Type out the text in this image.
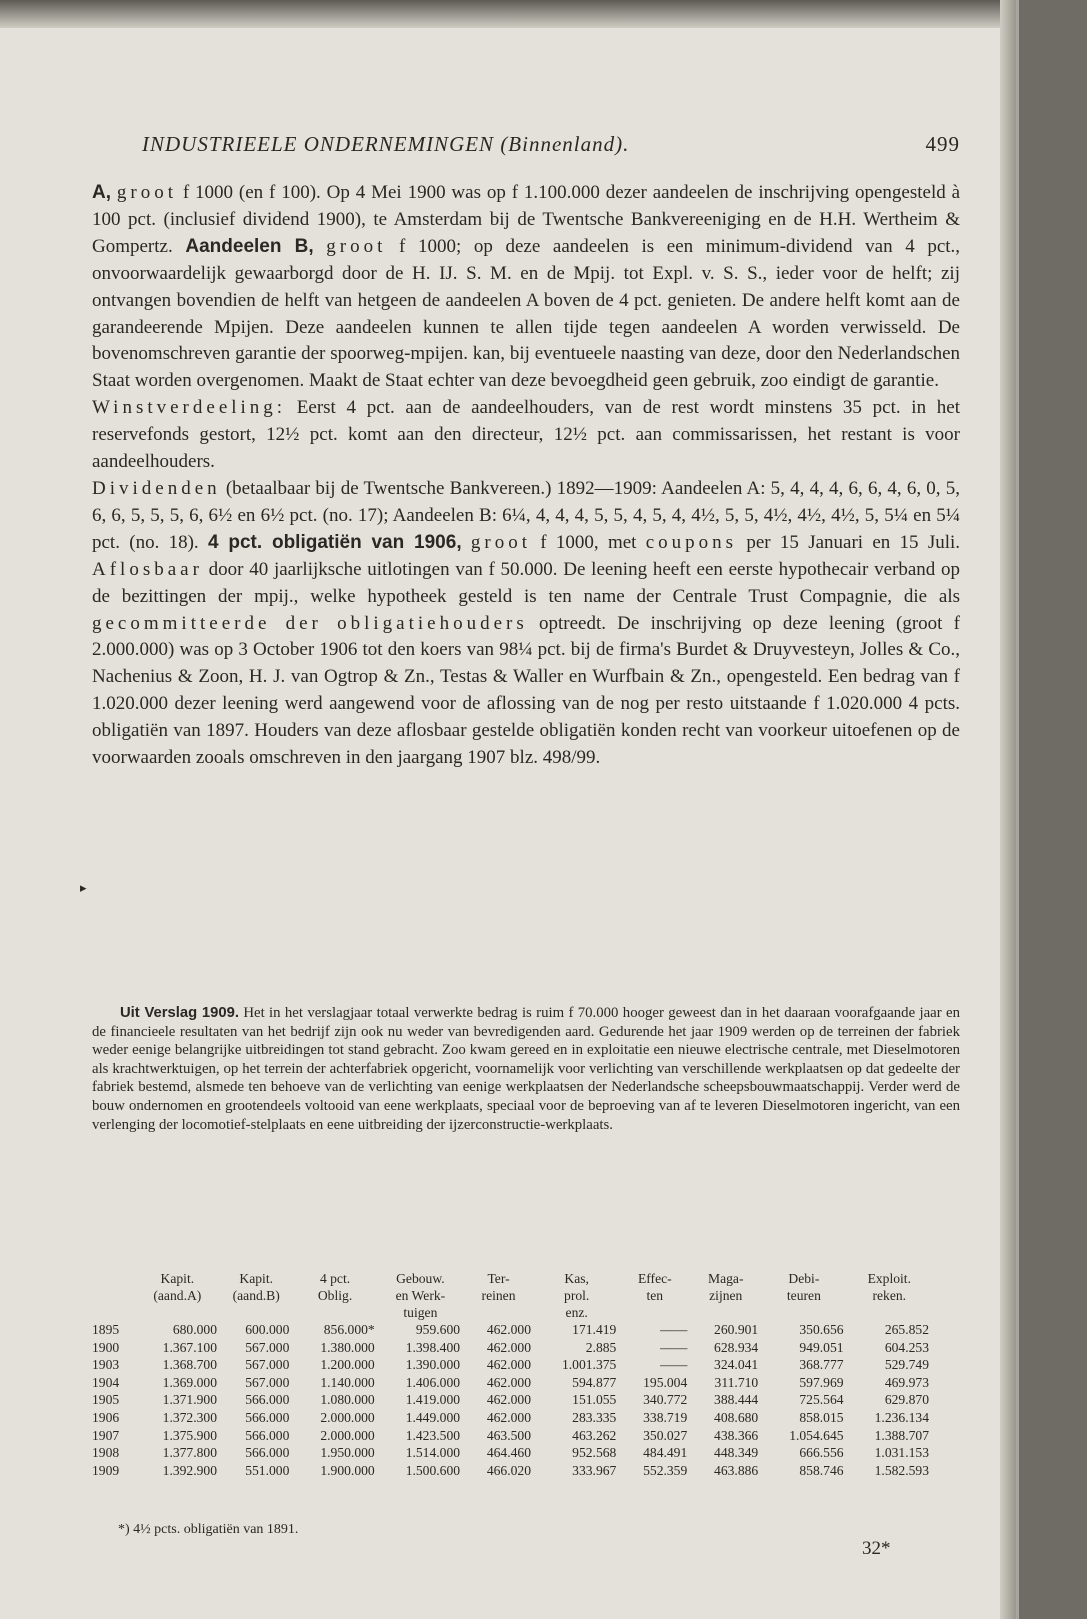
INDUSTRIEELE ONDERNEMINGEN (Binnenland).	499

A, groot f 1000 (en f 100). Op 4 Mei 1900 was op f 1.100.000 dezer aandeelen de inschrijving opengesteld à 100 pct. (inclusief dividend 1900), te Amsterdam bij de Twentsche Bankvereeniging en de H.H. Wertheim & Gompertz. Aandeelen B, groot f 1000; op deze aandeelen is een minimum-dividend van 4 pct., onvoorwaardelijk gewaarborgd door de H. IJ. S. M. en de Mpij. tot Expl. v. S. S., ieder voor de helft; zij ontvangen bovendien de helft van hetgeen de aandeelen A boven de 4 pct. genieten. De andere helft komt aan de garandeerende Mpijen. Deze aandeelen kunnen te allen tijde tegen aandeelen A worden verwisseld. De bovenomschreven garantie der spoorweg-mpijen. kan, bij eventueele naasting van deze, door den Nederlandschen Staat worden overgenomen. Maakt de Staat echter van deze bevoegdheid geen gebruik, zoo eindigt de garantie.

Winstverdeeling: Eerst 4 pct. aan de aandeelhouders, van de rest wordt minstens 35 pct. in het reservefonds gestort, 12½ pct. komt aan den directeur, 12½ pct. aan commissarissen, het restant is voor aandeelhouders.

Dividenden (betaalbaar bij de Twentsche Bankvereen.) 1892—1909: Aandeelen A: 5, 4, 4, 4, 6, 6, 4, 6, 0, 5, 6, 6, 5, 5, 5, 6, 6½ en 6½ pct. (no. 17); Aandeelen B: 6¼, 4, 4, 4, 5, 5, 4, 5, 4, 4½, 5, 5, 4½, 4½, 4½, 5, 5¼ en 5¼ pct. (no. 18). 4 pct. obligatiën van 1906, groot f 1000, met coupons per 15 Januari en 15 Juli. Aflosbaar door 40 jaarlijksche uitlotingen van f 50.000. De leening heeft een eerste hypothecair verband op de bezittingen der mpij., welke hypotheek gesteld is ten name der Centrale Trust Compagnie, die als gecommitteerde der obligatiehouders optreedt. De inschrijving op deze leening (groot f 2.000.000) was op 3 October 1906 tot den koers van 98¼ pct. bij de firma's Burdet & Druyvesteyn, Jolles & Co., Nachenius & Zoon, H. J. van Ogtrop & Zn., Testas & Waller en Wurfbain & Zn., opengesteld. Een bedrag van f 1.020.000 dezer leening werd aangewend voor de aflossing van de nog per resto uitstaande f 1.020.000 4 pcts. obligatiën van 1897. Houders van deze aflosbaar gestelde obligatiën konden recht van voorkeur uitoefenen op de voorwaarden zooals omschreven in den jaargang 1907 blz. 498/99.

▸

Uit Verslag 1909. Het in het verslagjaar totaal verwerkte bedrag is ruim f 70.000 hooger geweest dan in het daaraan voorafgaande jaar en de financieele resultaten van het bedrijf zijn ook nu weder van bevredigenden aard. Gedurende het jaar 1909 werden op de terreinen der fabriek weder eenige belangrijke uitbreidingen tot stand gebracht. Zoo kwam gereed en in exploitatie een nieuwe electrische centrale, met Dieselmotoren als krachtwerktuigen, op het terrein der achterfabriek opgericht, voornamelijk voor verlichting van verschillende werkplaatsen op dat gedeelte der fabriek bestemd, alsmede ten behoeve van de verlichting van eenige werkplaatsen der Nederlandsche scheepsbouwmaatschappij. Verder werd de bouw ondernomen en grootendeels voltooid van eene werkplaats, speciaal voor de beproeving van af te leveren Dieselmotoren ingericht, van een verlenging der locomotief-stelplaats en eene uitbreiding der ijzerconstructie-werkplaats.

	Kapit.	Kapit.	4 pct.	Gebouw.	Ter-	Kas,	Effec-	Maga-	Debi-	Exploit.
	(aand.A)	(aand.B)	Oblig.	en Werk-	reinen	prol.	ten	zijnen	teuren	reken.
				tuigen		enz.				
1895	680.000	600.000	856.000*	959.600	462.000	171.419	——	260.901	350.656	265.852
1900	1.367.100	567.000	1.380.000	1.398.400	462.000	2.885	——	628.934	949.051	604.253
1903	1.368.700	567.000	1.200.000	1.390.000	462.000	1.001.375	——	324.041	368.777	529.749
1904	1.369.000	567.000	1.140.000	1.406.000	462.000	594.877	195.004	311.710	597.969	469.973
1905	1.371.900	566.000	1.080.000	1.419.000	462.000	151.055	340.772	388.444	725.564	629.870
1906	1.372.300	566.000	2.000.000	1.449.000	462.000	283.335	338.719	408.680	858.015	1.236.134
1907	1.375.900	566.000	2.000.000	1.423.500	463.500	463.262	350.027	438.366	1.054.645	1.388.707
1908	1.377.800	566.000	1.950.000	1.514.000	464.460	952.568	484.491	448.349	666.556	1.031.153
1909	1.392.900	551.000	1.900.000	1.500.600	466.020	333.967	552.359	463.886	858.746	1.582.593
*) 4½ pcts. obligatiën van 1891.
32*
